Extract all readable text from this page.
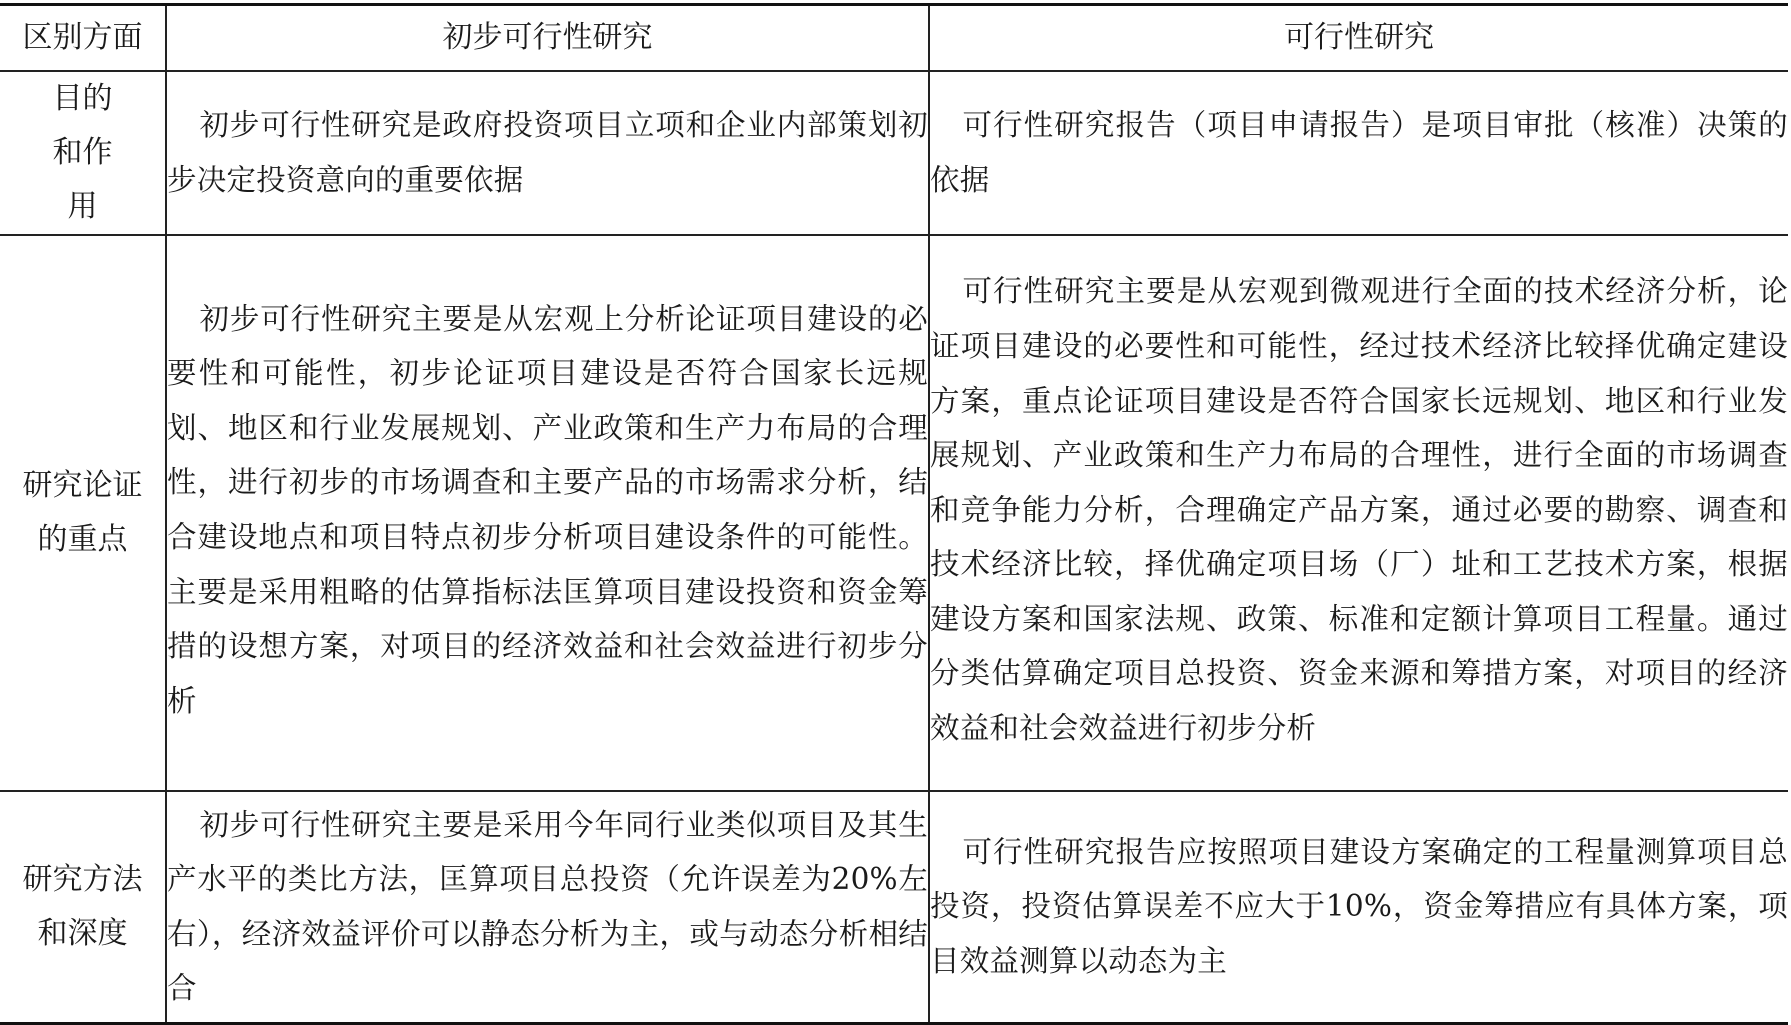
区别方面	初步可行性研究	可行性研究
目的和作用	初步可行性研究是政府投资项目立项和企业内部策划初步决定投资意向的重要依据	可行性研究报告（项目申请报告）是项目审批（核准）决策的依据
研究论证的重点	初步可行性研究主要是从宏观上分析论证项目建设的必要性和可能性，初步论证项目建设是否符合国家长远规划、地区和行业发展规划、产业政策和生产力布局的合理性，进行初步的市场调查和主要产品的市场需求分析，结合建设地点和项目特点初步分析项目建设条件的可能性。主要是采用粗略的估算指标法匡算项目建设投资和资金筹措的设想方案，对项目的经济效益和社会效益进行初步分析	可行性研究主要是从宏观到微观进行全面的技术经济分析，论证项目建设的必要性和可能性，经过技术经济比较择优确定建设方案，重点论证项目建设是否符合国家长远规划、地区和行业发展规划、产业政策和生产力布局的合理性，进行全面的市场调查和竞争能力分析，合理确定产品方案，通过必要的勘察、调查和技术经济比较，择优确定项目场（厂）址和工艺技术方案，根据建设方案和国家法规、政策、标准和定额计算项目工程量。通过分类估算确定项目总投资、资金来源和筹措方案，对项目的经济效益和社会效益进行初步分析
研究方法和深度	初步可行性研究主要是采用今年同行业类似项目及其生产水平的类比方法，匡算项目总投资（允许误差为20%左右），经济效益评价可以静态分析为主，或与动态分析相结合	可行性研究报告应按照项目建设方案确定的工程量测算项目总投资，投资估算误差不应大于10%，资金筹措应有具体方案，项目效益测算以动态为主
